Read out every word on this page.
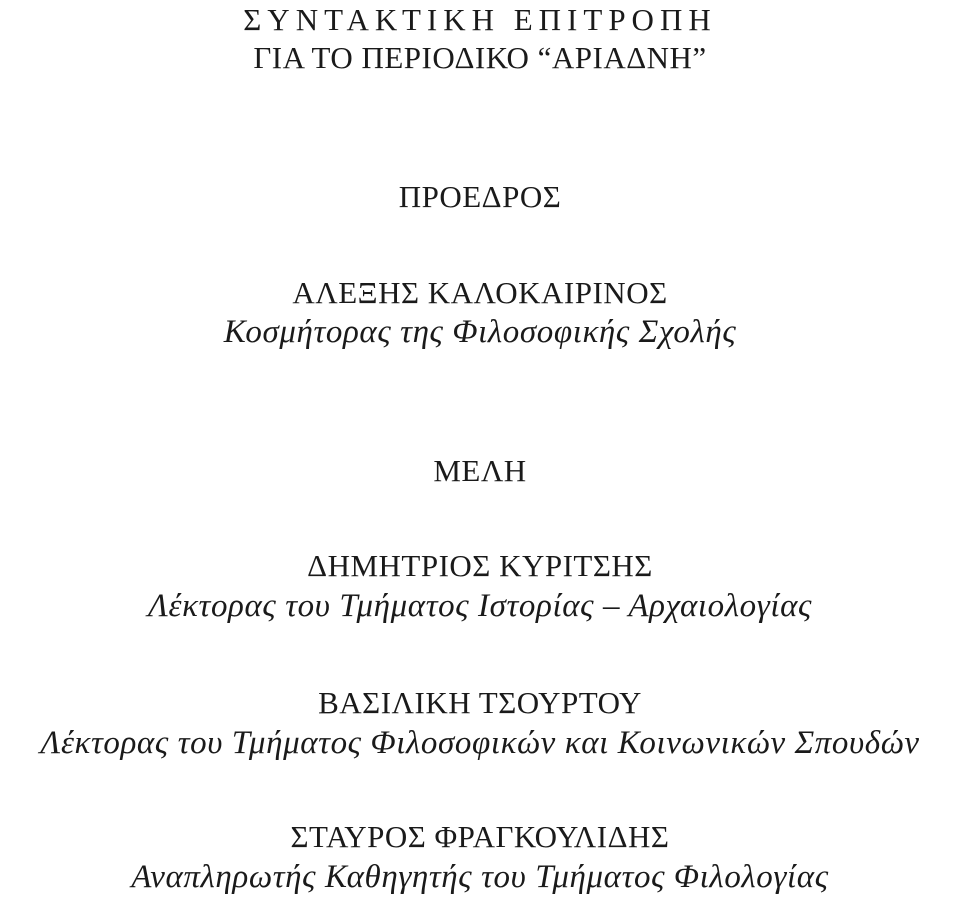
ΣΥΝΤΑΚΤΙΚΗ ΕΠΙΤΡΟΠΗ
ΓΙΑ ΤΟ ΠΕΡΙΟΔΙΚΟ “ΑΡΙΑΔΝΗ”
ΠΡΟΕΔΡΟΣ
ΑΛΕΞΗΣ ΚΑΛΟΚΑΙΡΙΝΟΣ
Κοσμήτορας της Φιλοσοφικής Σχολής
ΜΕΛΗ
ΔΗΜΗΤΡΙΟΣ ΚΥΡΙΤΣΗΣ
Λέκτορας του Τμήματος Ιστορίας – Αρχαιολογίας
ΒΑΣΙΛΙΚΗ ΤΣΟΥΡΤΟΥ
Λέκτορας του Τμήματος Φιλοσοφικών και Κοινωνικών Σπουδών
ΣΤΑΥΡΟΣ ΦΡΑΓΚΟΥΛΙΔΗΣ
Αναπληρωτής Καθηγητής του Τμήματος Φιλολογίας
